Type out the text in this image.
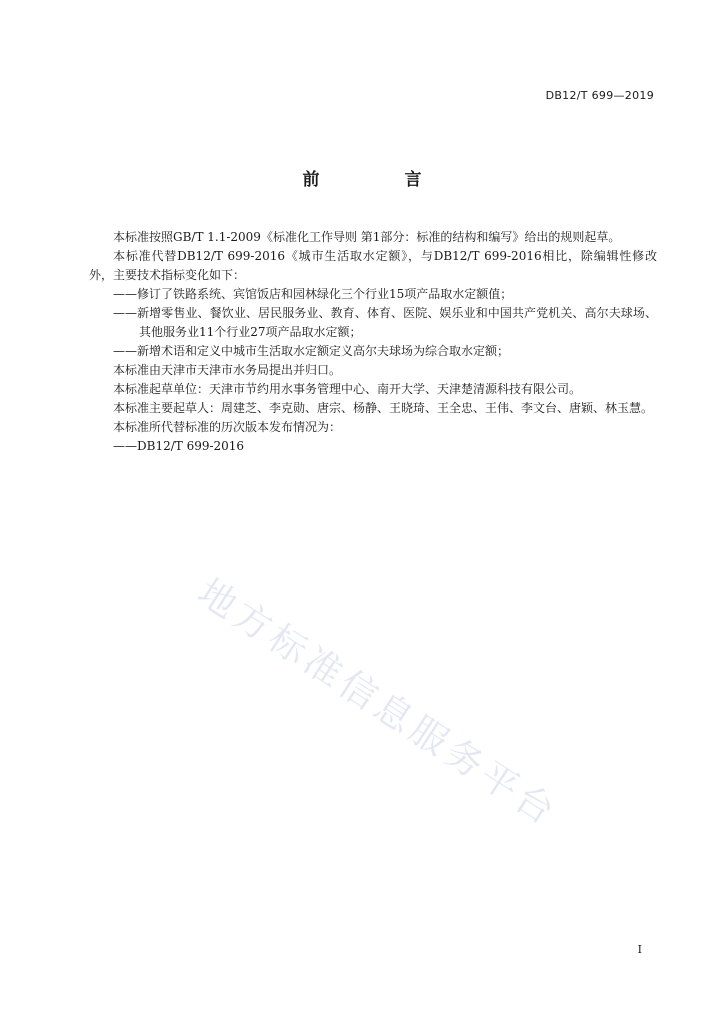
DB12/T 699—2019
前　言

本标准按照GB/T 1.1-2009《标准化工作导则 第1部分：标准的结构和编写》给出的规则起草。

本标准代替DB12/T 699-2016《城市生活取水定额》，与DB12/T 699-2016相比，除编辑性修改外，主要技术指标变化如下：

——修订了铁路系统、宾馆饭店和园林绿化三个行业15项产品取水定额值；

——新增零售业、餐饮业、居民服务业、教育、体育、医院、娱乐业和中国共产党机关、高尔夫球场、其他服务业11个行业27项产品取水定额；

——新增术语和定义中城市生活取水定额定义高尔夫球场为综合取水定额；

本标准由天津市天津市水务局提出并归口。

本标准起草单位：天津市节约用水事务管理中心、南开大学、天津楚清源科技有限公司。

本标准主要起草人：周建芝、李克勋、唐宗、杨静、王晓琦、王全忠、王伟、李文台、唐颖、林玉慧。

本标准所代替标准的历次版本发布情况为：

——DB12/T 699-2016

地方标准信息服务平台
I
